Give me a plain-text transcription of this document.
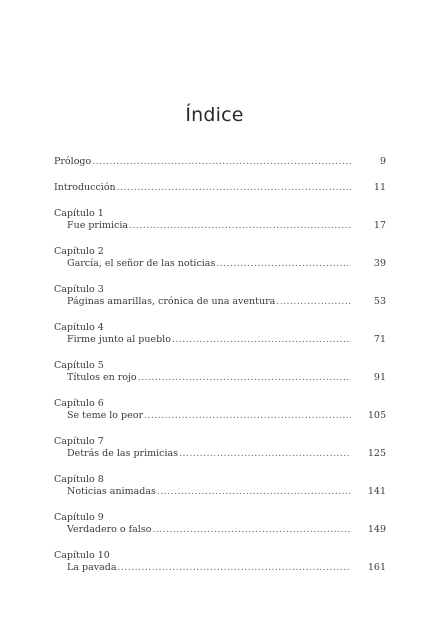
Índice
Prólogo .....	9
Introducción .....	11
Capítulo 1
Fue primicia .....	17
Capítulo 2
García, el señor de las noticias .....	39
Capítulo 3
Páginas amarillas, crónica de una aventura .....	53
Capítulo 4
Firme junto al pueblo .....	71
Capítulo 5
Títulos en rojo .....	91
Capítulo 6
Se teme lo peor .....	105
Capítulo 7
Detrás de las primicias .....	125
Capítulo 8
Noticias animadas .....	141
Capítulo 9
Verdadero o falso .....	149
Capítulo 10
La pavada .....	161
